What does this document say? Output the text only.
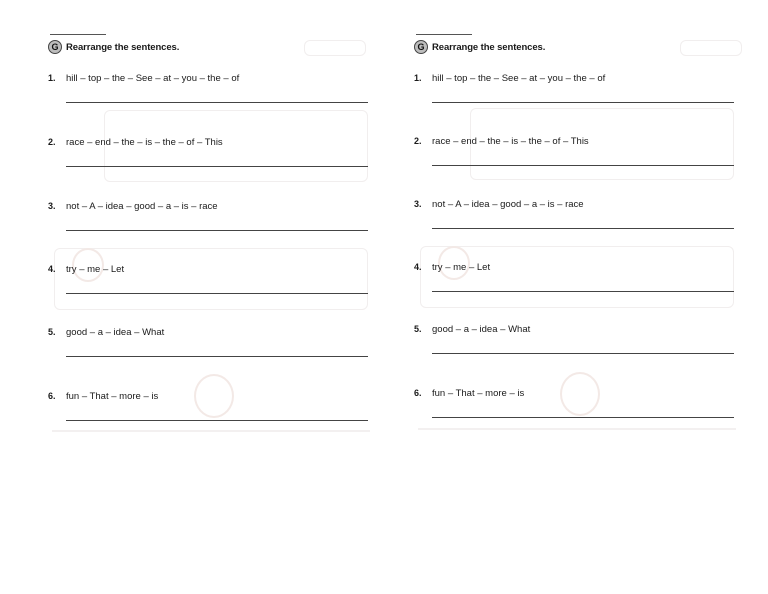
G Rearrange the sentences.
1.	hill – top – the – See – at – you – the – of
2.	race – end – the – is – the – of – This
3.	not – A – idea – good – a – is – race
4.	try – me – Let
5.	good – a – idea – What
6.	fun – That – more – is
G Rearrange the sentences.
1.	hill – top – the – See – at – you – the – of
2.	race – end – the – is – the – of – This
3.	not – A – idea – good – a – is – race
4.	try – me – Let
5.	good – a – idea – What
6.	fun – That – more – is
